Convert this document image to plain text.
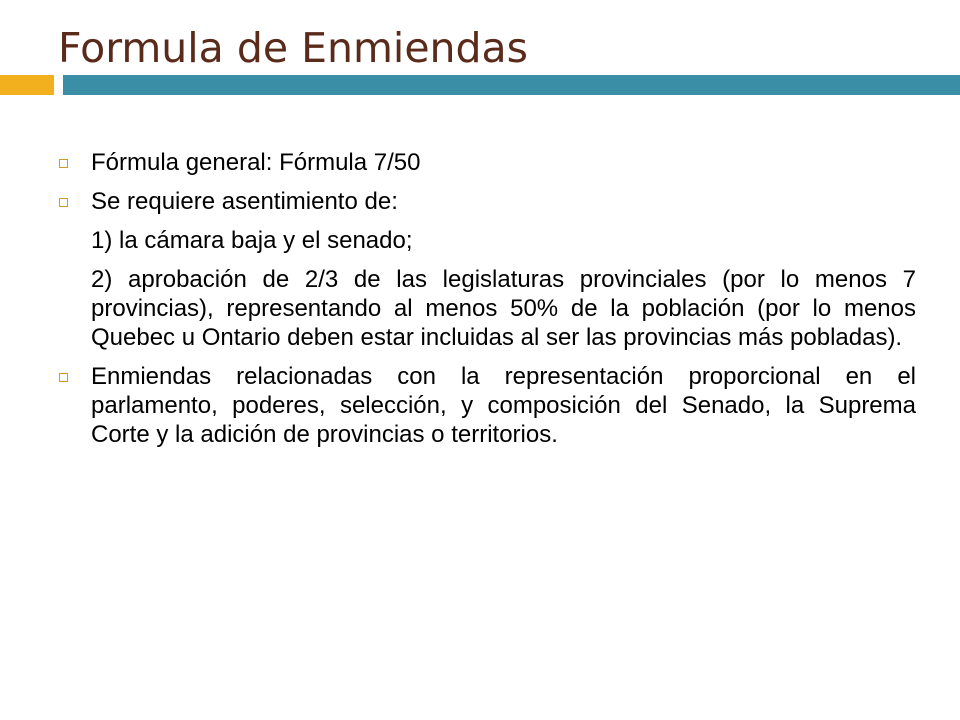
Formula de Enmiendas
Fórmula general: Fórmula 7/50
Se requiere asentimiento de:
1) la cámara baja y el senado;
2) aprobación de 2/3 de las legislaturas provinciales (por lo menos 7 provincias), representando al menos 50% de la población (por lo menos Quebec u Ontario deben estar incluidas al ser las provincias más pobladas).
Enmiendas relacionadas con la representación proporcional en el parlamento, poderes, selección, y composición del Senado, la Suprema Corte y la adición de provincias o territorios.
